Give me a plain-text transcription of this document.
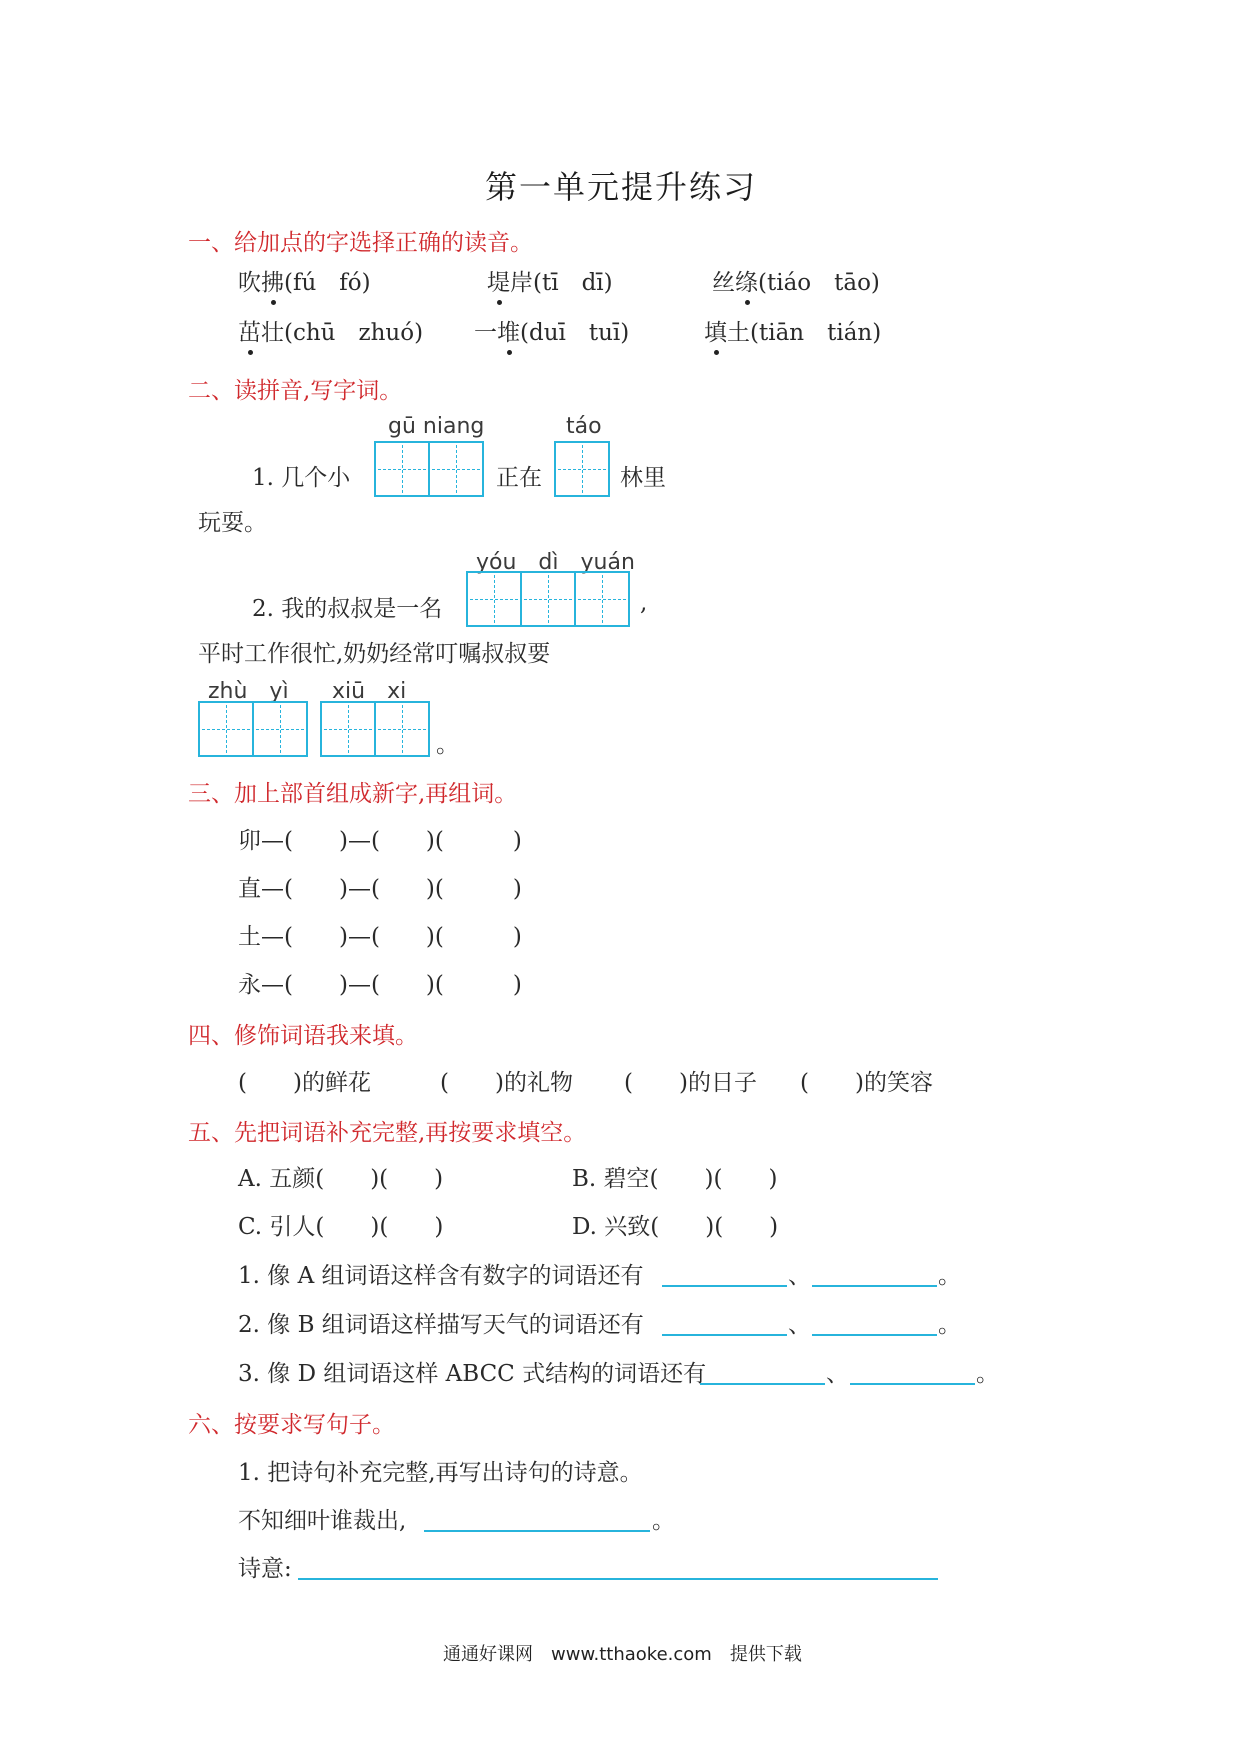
第一单元提升练习
一、给加点的字选择正确的读音。
吹拂(fú　fó)	堤岸(tī　dī)	丝绦(tiáo　tāo)
茁壮(chū　zhuó) 一堆(duī　tuī)	填土(tiān　tián)
二、读拼音,写字词。
gū niang	táo
1. 几个小	正在	林里
玩耍。
yóu　dì　yuán
2. 我的叔叔是一名	,
平时工作很忙,奶奶经常叮嘱叔叔要
zhù　yì xiū　xi
。
三、加上部首组成新字,再组词。
卯—(　　)—(　　)(　　　)
直—(　　)—(　　)(　　　)
土—(　　)—(　　)(　　　)
永—(　　)—(　　)(　　　)
四、修饰词语我来填。
(　　)的鲜花	(　　)的礼物 (　　)的日子 (　　)的笑容
五、先把词语补充完整,再按要求填空。
A. 五颜(　　)(　　)	B. 碧空(　　)(　　)
C. 引人(　　)(　　)	D. 兴致(　　)(　　)
1. 像 A 组词语这样含有数字的词语还有	、	。
2. 像 B 组词语这样描写天气的词语还有	、	。
3. 像 D 组词语这样 ABCC 式结构的词语还有	、	。
六、按要求写句子。
1. 把诗句补充完整,再写出诗句的诗意。
不知细叶谁裁出,	。
诗意:
通通好课网　www.tthaoke.com　提供下载
